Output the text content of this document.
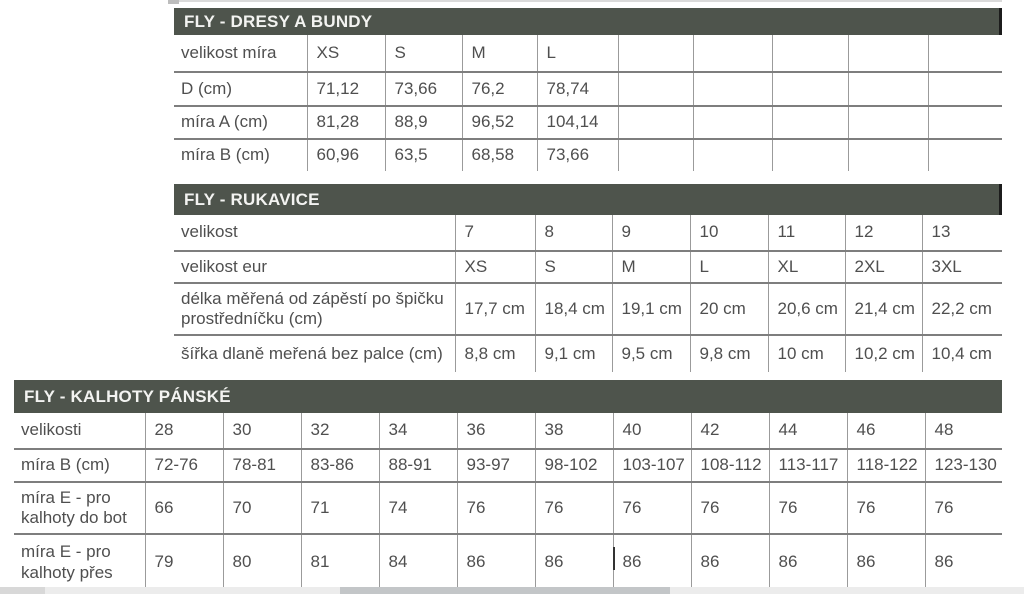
FLY - DRESY A BUNDY
velikost míra	XS	S	M	L					
D (cm)	71,12	73,66	76,2	78,74					
míra A (cm)	81,28	88,9	96,52	104,14					
míra B (cm)	60,96	63,5	68,58	73,66					
FLY - RUKAVICE
velikost	7	8	9	10	11	12	13
velikost eur	XS	S	M	L	XL	2XL	3XL
délka měřená od zápěstí po špičku prostředníčku (cm)	17,7 cm	18,4 cm	19,1 cm	20 cm	20,6 cm	21,4 cm	22,2 cm
šířka dlaně meřená bez palce (cm)	8,8 cm	9,1 cm	9,5 cm	9,8 cm	10 cm	10,2 cm	10,4 cm
FLY - KALHOTY PÁNSKÉ
velikosti	28	30	32	34	36	38	40	42	44	46	48
míra B (cm)	72-76	78-81	83-86	88-91	93-97	98-102	103-107	108-112	113-117	118-122	123-130
míra E - pro kalhoty do bot	66	70	71	74	76	76	76	76	76	76	76
míra E - pro kalhoty přes	79	80	81	84	86	86	86	86	86	86	86
